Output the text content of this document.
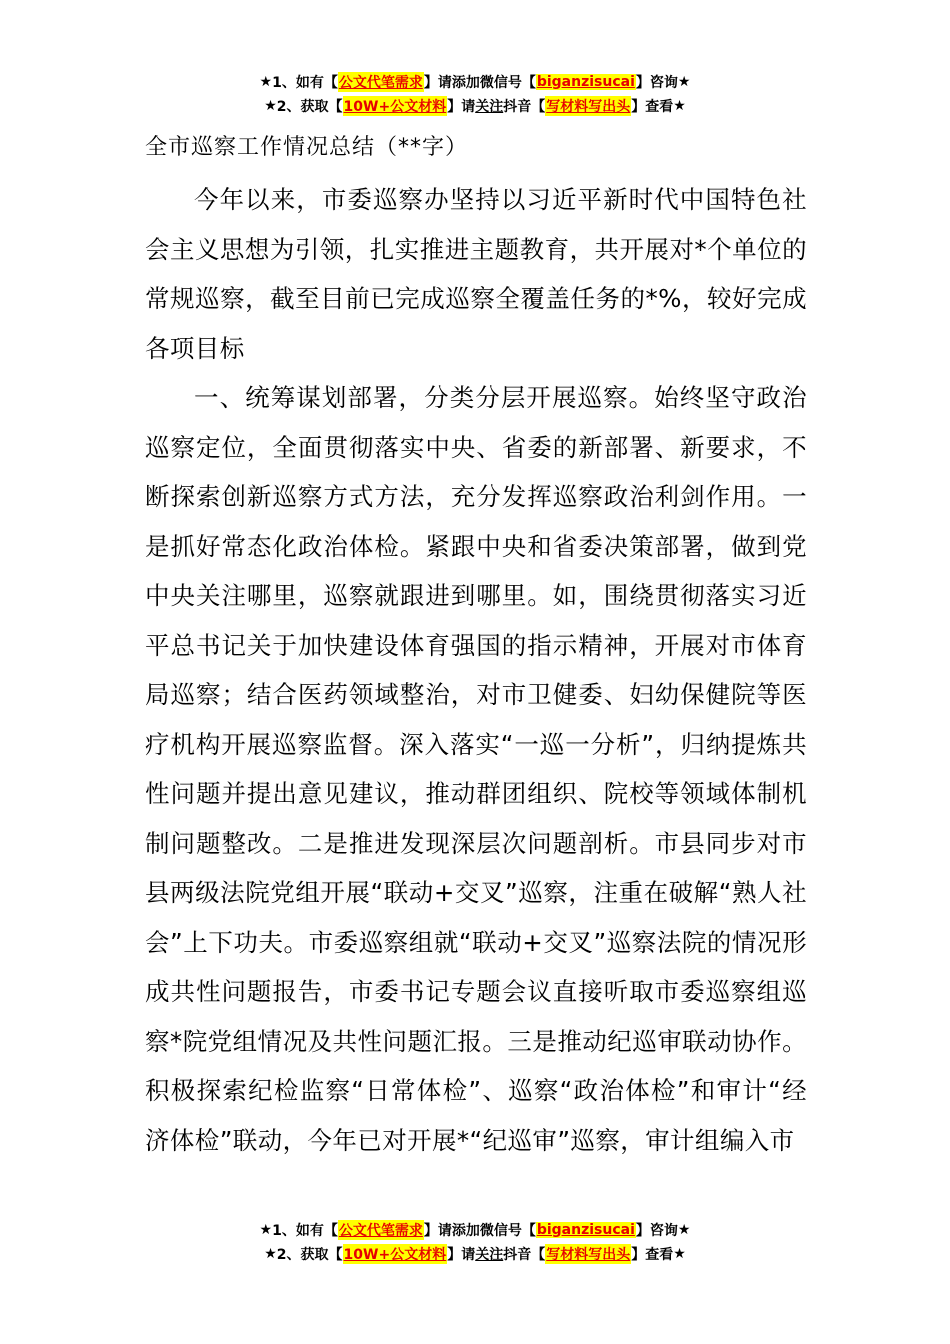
★ 1、如有【 公文代笔需求 】请添加微信号【 biganzisucai 】咨询 ★
★ 2、获取【 10W+公文材料 】请 关注 抖音【 写材料写出头 】查看 ★
全市巡察工作情况总结（**字）

今年以来，市委巡察办坚持以习近平新时代中国特色社会主义思想为引领，扎实推进主题教育，共开展对*个单位的常规巡察，截至目前已完成巡察全覆盖任务的*%，较好完成各项目标

一、统筹谋划部署，分类分层开展巡察。始终坚守政治巡察定位，全面贯彻落实中央、省委的新部署、新要求，不断探索创新巡察方式方法，充分发挥巡察政治利剑作用。一是抓好常态化政治体检。紧跟中央和省委决策部署，做到党中央关注哪里，巡察就跟进到哪里。如，围绕贯彻落实习近平总书记关于加快建设体育强国的指示精神，开展对市体育局巡察；结合医药领域整治，对市卫健委、妇幼保健院等医疗机构开展巡察监督。深入落实“一巡一分析”，归纳提炼共性问题并提出意见建议，推动群团组织、院校等领域体制机制问题整改。二是推进发现深层次问题剖析。市县同步对市县两级法院党组开展“联动+交叉”巡察，注重在破解“熟人社会”上下功夫。市委巡察组就“联动+交叉”巡察法院的情况形成共性问题报告，市委书记专题会议直接听取市委巡察组巡察*院党组情况及共性问题汇报。三是推动纪巡审联动协作。积极探索纪检监察“日常体检”、巡察“政治体检”和审计“经济体检”联动，今年已对开展*“纪巡审”巡察，审计组编入市

★ 1、如有【 公文代笔需求 】请添加微信号【 biganzisucai 】咨询 ★
★ 2、获取【 10W+公文材料 】请 关注 抖音【 写材料写出头 】查看 ★
